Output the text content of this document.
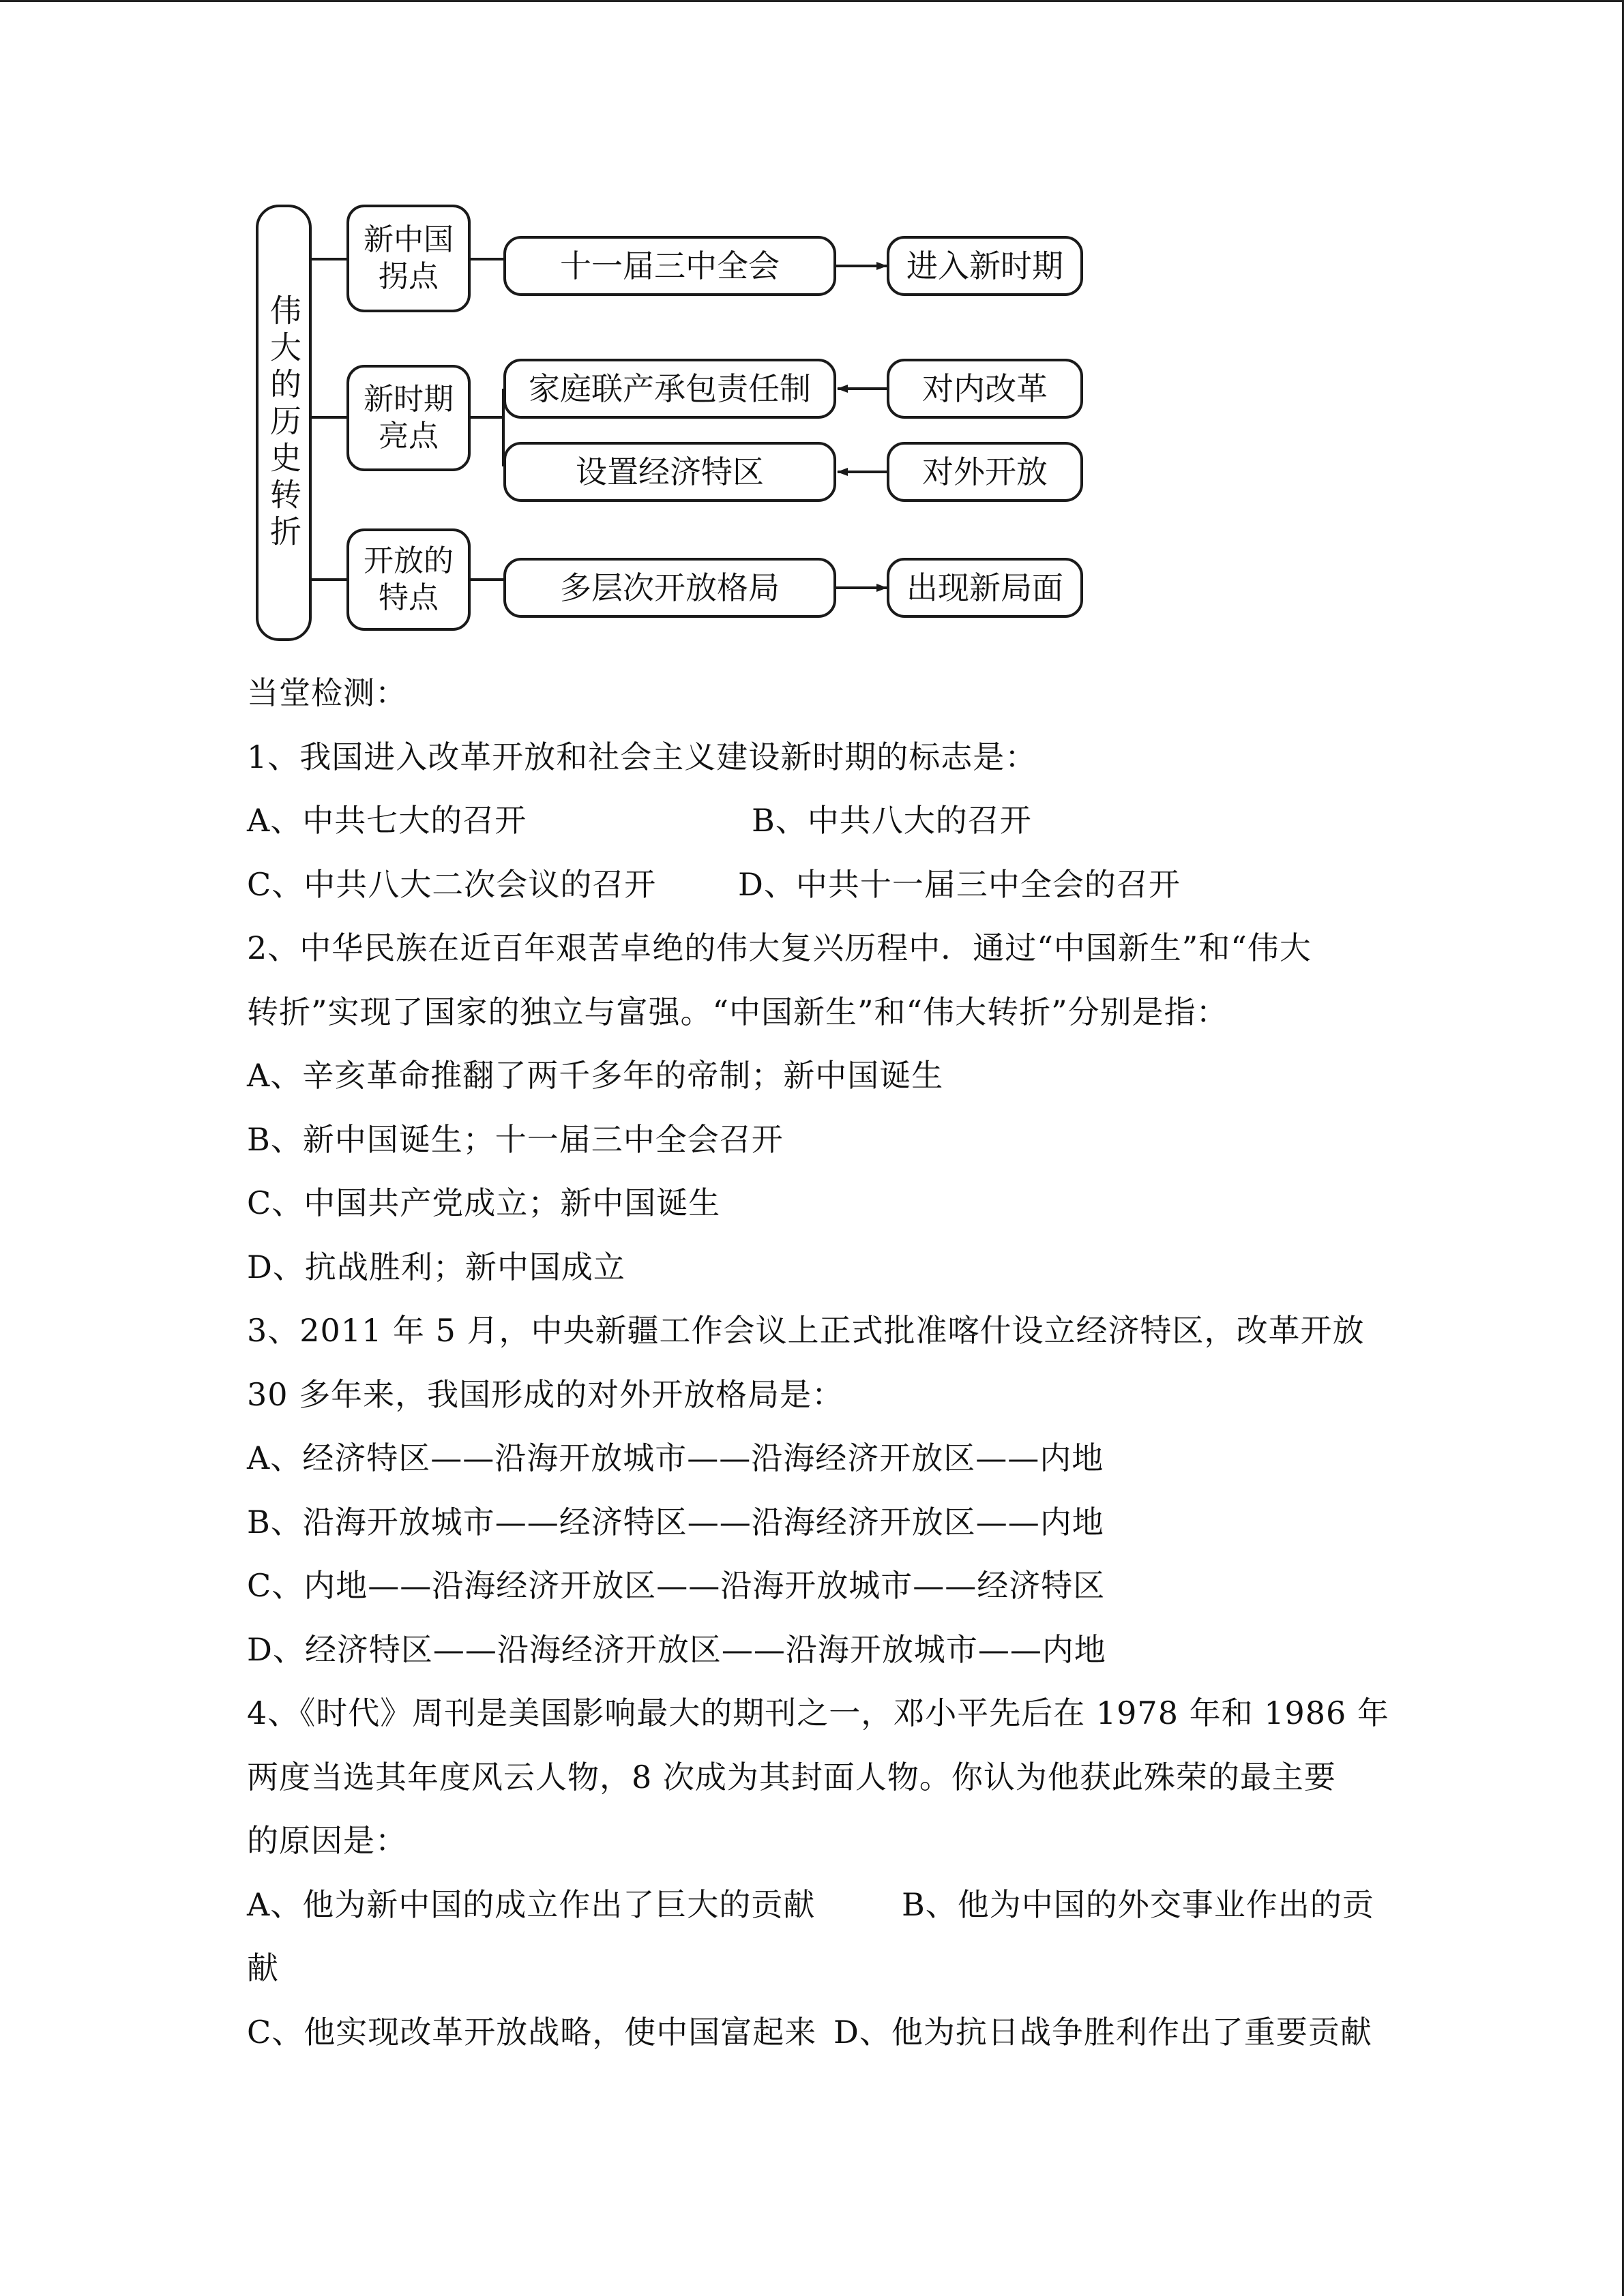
伟大的历史转折
新中国
拐点
新时期
亮点
开放的
特点
十一届三中全会
家庭联产承包责任制
设置经济特区
多层次开放格局
进入新时期
对内改革
对外开放
出现新局面

当堂检测：

1、我国进入改革开放和社会主义建设新时期的标志是：

A、中共七大的召开	B、中共八大的召开
C、中共八大二次会议的召开	D、中共十一届三中全会的召开

2、中华民族在近百年艰苦卓绝的伟大复兴历程中．通过“中国新生”和“伟大

转折”实现了国家的独立与富强。“中国新生”和“伟大转折”分别是指：

A、辛亥革命推翻了两千多年的帝制；新中国诞生

B、新中国诞生；十一届三中全会召开

C、中国共产党成立；新中国诞生

D、抗战胜利；新中国成立

3、2011 年 5 月，中央新疆工作会议上正式批准喀什设立经济特区，改革开放

30 多年来，我国形成的对外开放格局是：

A、经济特区——沿海开放城市——沿海经济开放区——内地

B、沿海开放城市——经济特区——沿海经济开放区——内地

C、内地——沿海经济开放区——沿海开放城市——经济特区

D、经济特区——沿海经济开放区——沿海开放城市——内地

4、《时代》周刊是美国影响最大的期刊之一，邓小平先后在 1978 年和 1986 年

两度当选其年度风云人物，8 次成为其封面人物。你认为他获此殊荣的最主要

的原因是：

A、他为新中国的成立作出了巨大的贡献	B、他为中国的外交事业作出的贡

献

C、他实现改革开放战略，使中国富起来 D、他为抗日战争胜利作出了重要贡献
